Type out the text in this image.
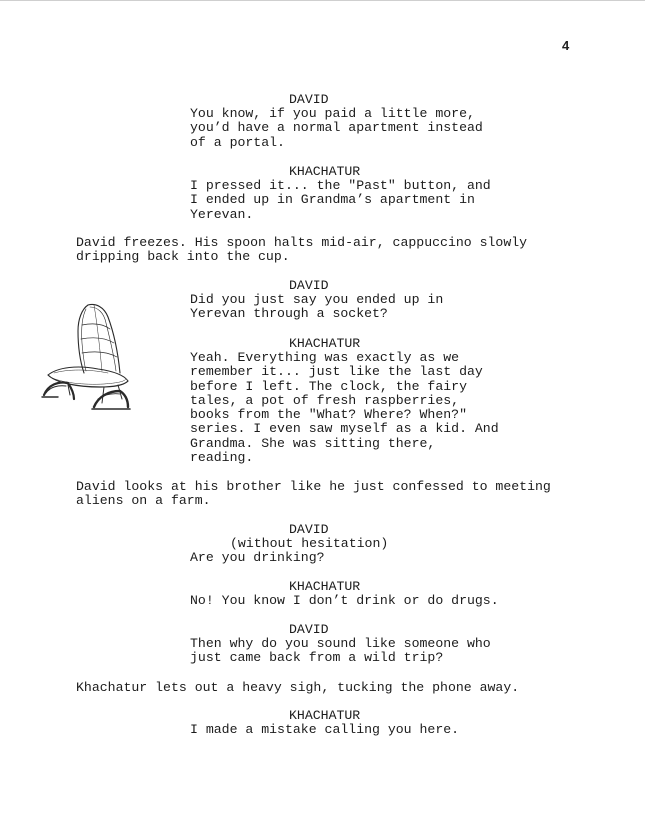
4
DAVID
You know, if you paid a little more,
you’d have a normal apartment instead
of a portal.
KHACHATUR
I pressed it... the "Past" button, and
I ended up in Grandma’s apartment in
Yerevan.
David freezes. His spoon halts mid-air, cappuccino slowly
dripping back into the cup.
DAVID
Did you just say you ended up in
Yerevan through a socket?
KHACHATUR
Yeah. Everything was exactly as we
remember it... just like the last day
before I left. The clock, the fairy
tales, a pot of fresh raspberries,
books from the "What? Where? When?"
series. I even saw myself as a kid. And
Grandma. She was sitting there,
reading.
David looks at his brother like he just confessed to meeting
aliens on a farm.
DAVID
(without hesitation)
Are you drinking?
KHACHATUR
No! You know I don’t drink or do drugs.
DAVID
Then why do you sound like someone who
just came back from a wild trip?
Khachatur lets out a heavy sigh, tucking the phone away.
KHACHATUR
I made a mistake calling you here.
